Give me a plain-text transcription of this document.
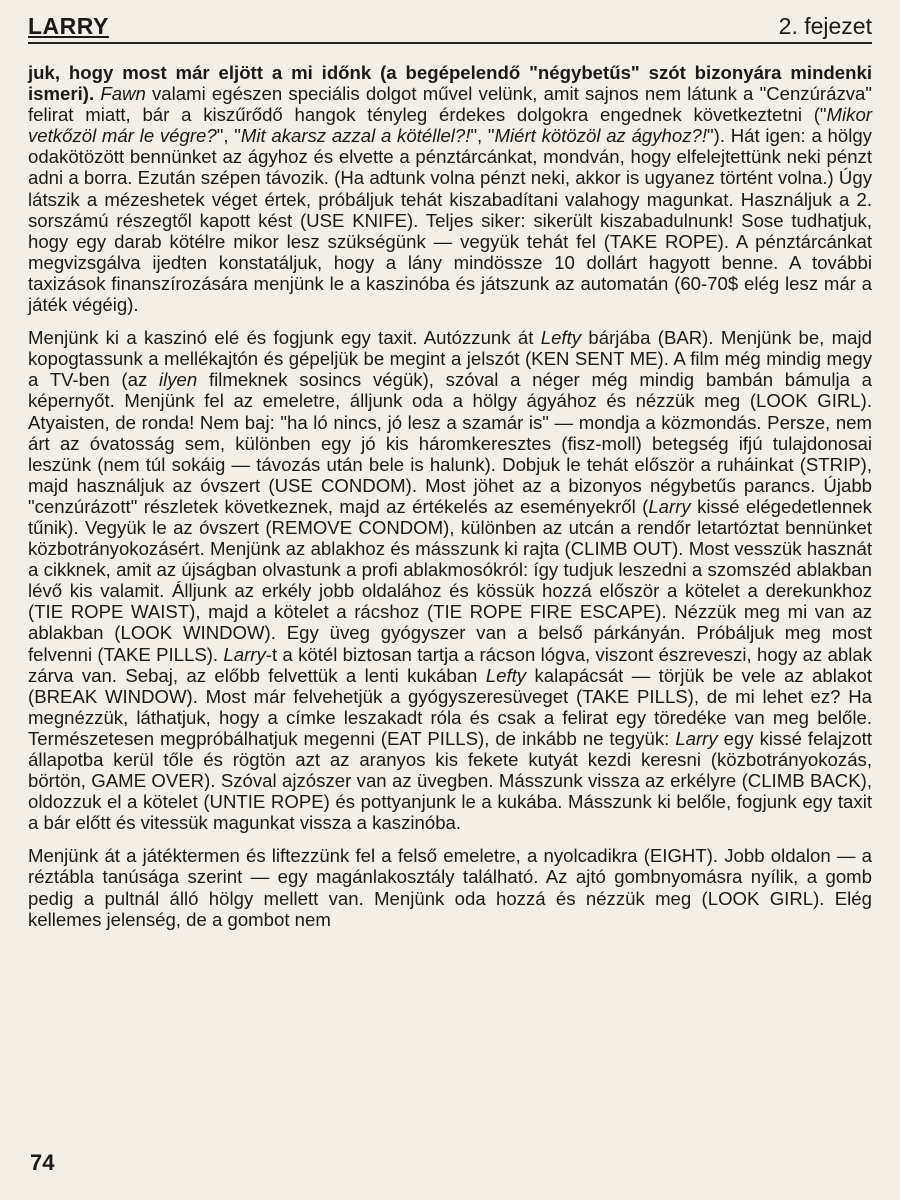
LARRY	2. fejezet

juk, hogy most már eljött a mi időnk (a begépelendő "négybetűs" szót bizonyára mindenki ismeri). Fawn valami egészen speciális dolgot művel velünk, amit sajnos nem látunk a "Cenzúrázva" felirat miatt, bár a kiszűrődő hangok tényleg érdekes dolgokra engednek következtetni ("Mikor vetkőzöl már le végre?", "Mit akarsz azzal a kötéllel?!", "Miért kötözöl az ágyhoz?!"). Hát igen: a hölgy odakötözött bennünket az ágyhoz és elvette a pénztárcánkat, mondván, hogy elfelejtettünk neki pénzt adni a borra. Ezután szépen távozik. (Ha adtunk volna pénzt neki, akkor is ugyanez történt volna.) Úgy látszik a mézeshetek véget értek, próbáljuk tehát kiszabadítani valahogy magunkat. Használjuk a 2. sorszámú részegtől kapott kést (USE KNIFE). Teljes siker: sikerült kiszabadulnunk! Sose tudhatjuk, hogy egy darab kötélre mikor lesz szükségünk — vegyük tehát fel (TAKE ROPE). A pénztárcánkat megvizsgálva ijedten konstatáljuk, hogy a lány mindössze 10 dollárt hagyott benne. A további taxizások finanszírozására menjünk le a kaszinóba és játszunk az automatán (60-70$ elég lesz már a játék végéig).

Menjünk ki a kaszinó elé és fogjunk egy taxit. Autózzunk át Lefty bárjába (BAR). Menjünk be, majd kopogtassunk a mellékajtón és gépeljük be megint a jelszót (KEN SENT ME). A film még mindig megy a TV-ben (az ilyen filmeknek sosincs végük), szóval a néger még mindig bambán bámulja a képernyőt. Menjünk fel az emeletre, álljunk oda a hölgy ágyához és nézzük meg (LOOK GIRL). Atyaisten, de ronda! Nem baj: "ha ló nincs, jó lesz a szamár is" — mondja a közmondás. Persze, nem árt az óvatosság sem, különben egy jó kis háromkeresztes (fisz-moll) betegség ifjú tulajdonosai leszünk (nem túl sokáig — távozás után bele is halunk). Dobjuk le tehát először a ruháinkat (STRIP), majd használjuk az óvszert (USE CONDOM). Most jöhet az a bizonyos négybetűs parancs. Újabb "cenzúrázott" részletek következnek, majd az értékelés az eseményekről (Larry kissé elégedetlennek tűnik). Vegyük le az óvszert (REMOVE CONDOM), különben az utcán a rendőr letartóztat bennünket közbotrányokozásért. Menjünk az ablakhoz és másszunk ki rajta (CLIMB OUT). Most vesszük hasznát a cikknek, amit az újságban olvastunk a profi ablakmosókról: így tudjuk leszedni a szomszéd ablakban lévő kis valamit. Álljunk az erkély jobb oldalához és kössük hozzá először a kötelet a derekunkhoz (TIE ROPE WAIST), majd a kötelet a rácshoz (TIE ROPE FIRE ESCAPE). Nézzük meg mi van az ablakban (LOOK WINDOW). Egy üveg gyógyszer van a belső párkányán. Próbáljuk meg most felvenni (TAKE PILLS). Larry-t a kötél biztosan tartja a rácson lógva, viszont észreveszi, hogy az ablak zárva van. Sebaj, az előbb felvettük a lenti kukában Lefty kalapácsát — törjük be vele az ablakot (BREAK WINDOW). Most már felvehetjük a gyógyszeresüveget (TAKE PILLS), de mi lehet ez? Ha megnézzük, láthatjuk, hogy a címke leszakadt róla és csak a felirat egy töredéke van meg belőle. Természetesen megpróbálhatjuk megenni (EAT PILLS), de inkább ne tegyük: Larry egy kissé felajzott állapotba kerül tőle és rögtön azt az aranyos kis fekete kutyát kezdi keresni (közbotrányokozás, börtön, GAME OVER). Szóval ajzószer van az üvegben. Másszunk vissza az erkélyre (CLIMB BACK), oldozzuk el a kötelet (UNTIE ROPE) és pottyanjunk le a kukába. Másszunk ki belőle, fogjunk egy taxit a bár előtt és vitessük magunkat vissza a kaszinóba.

Menjünk át a játéktermen és liftezzünk fel a felső emeletre, a nyolcadikra (EIGHT). Jobb oldalon — a réztábla tanúsága szerint — egy magánlakosztály található. Az ajtó gombnyomásra nyílik, a gomb pedig a pultnál álló hölgy mellett van. Menjünk oda hozzá és nézzük meg (LOOK GIRL). Elég kellemes jelenség, de a gombot nem

74
